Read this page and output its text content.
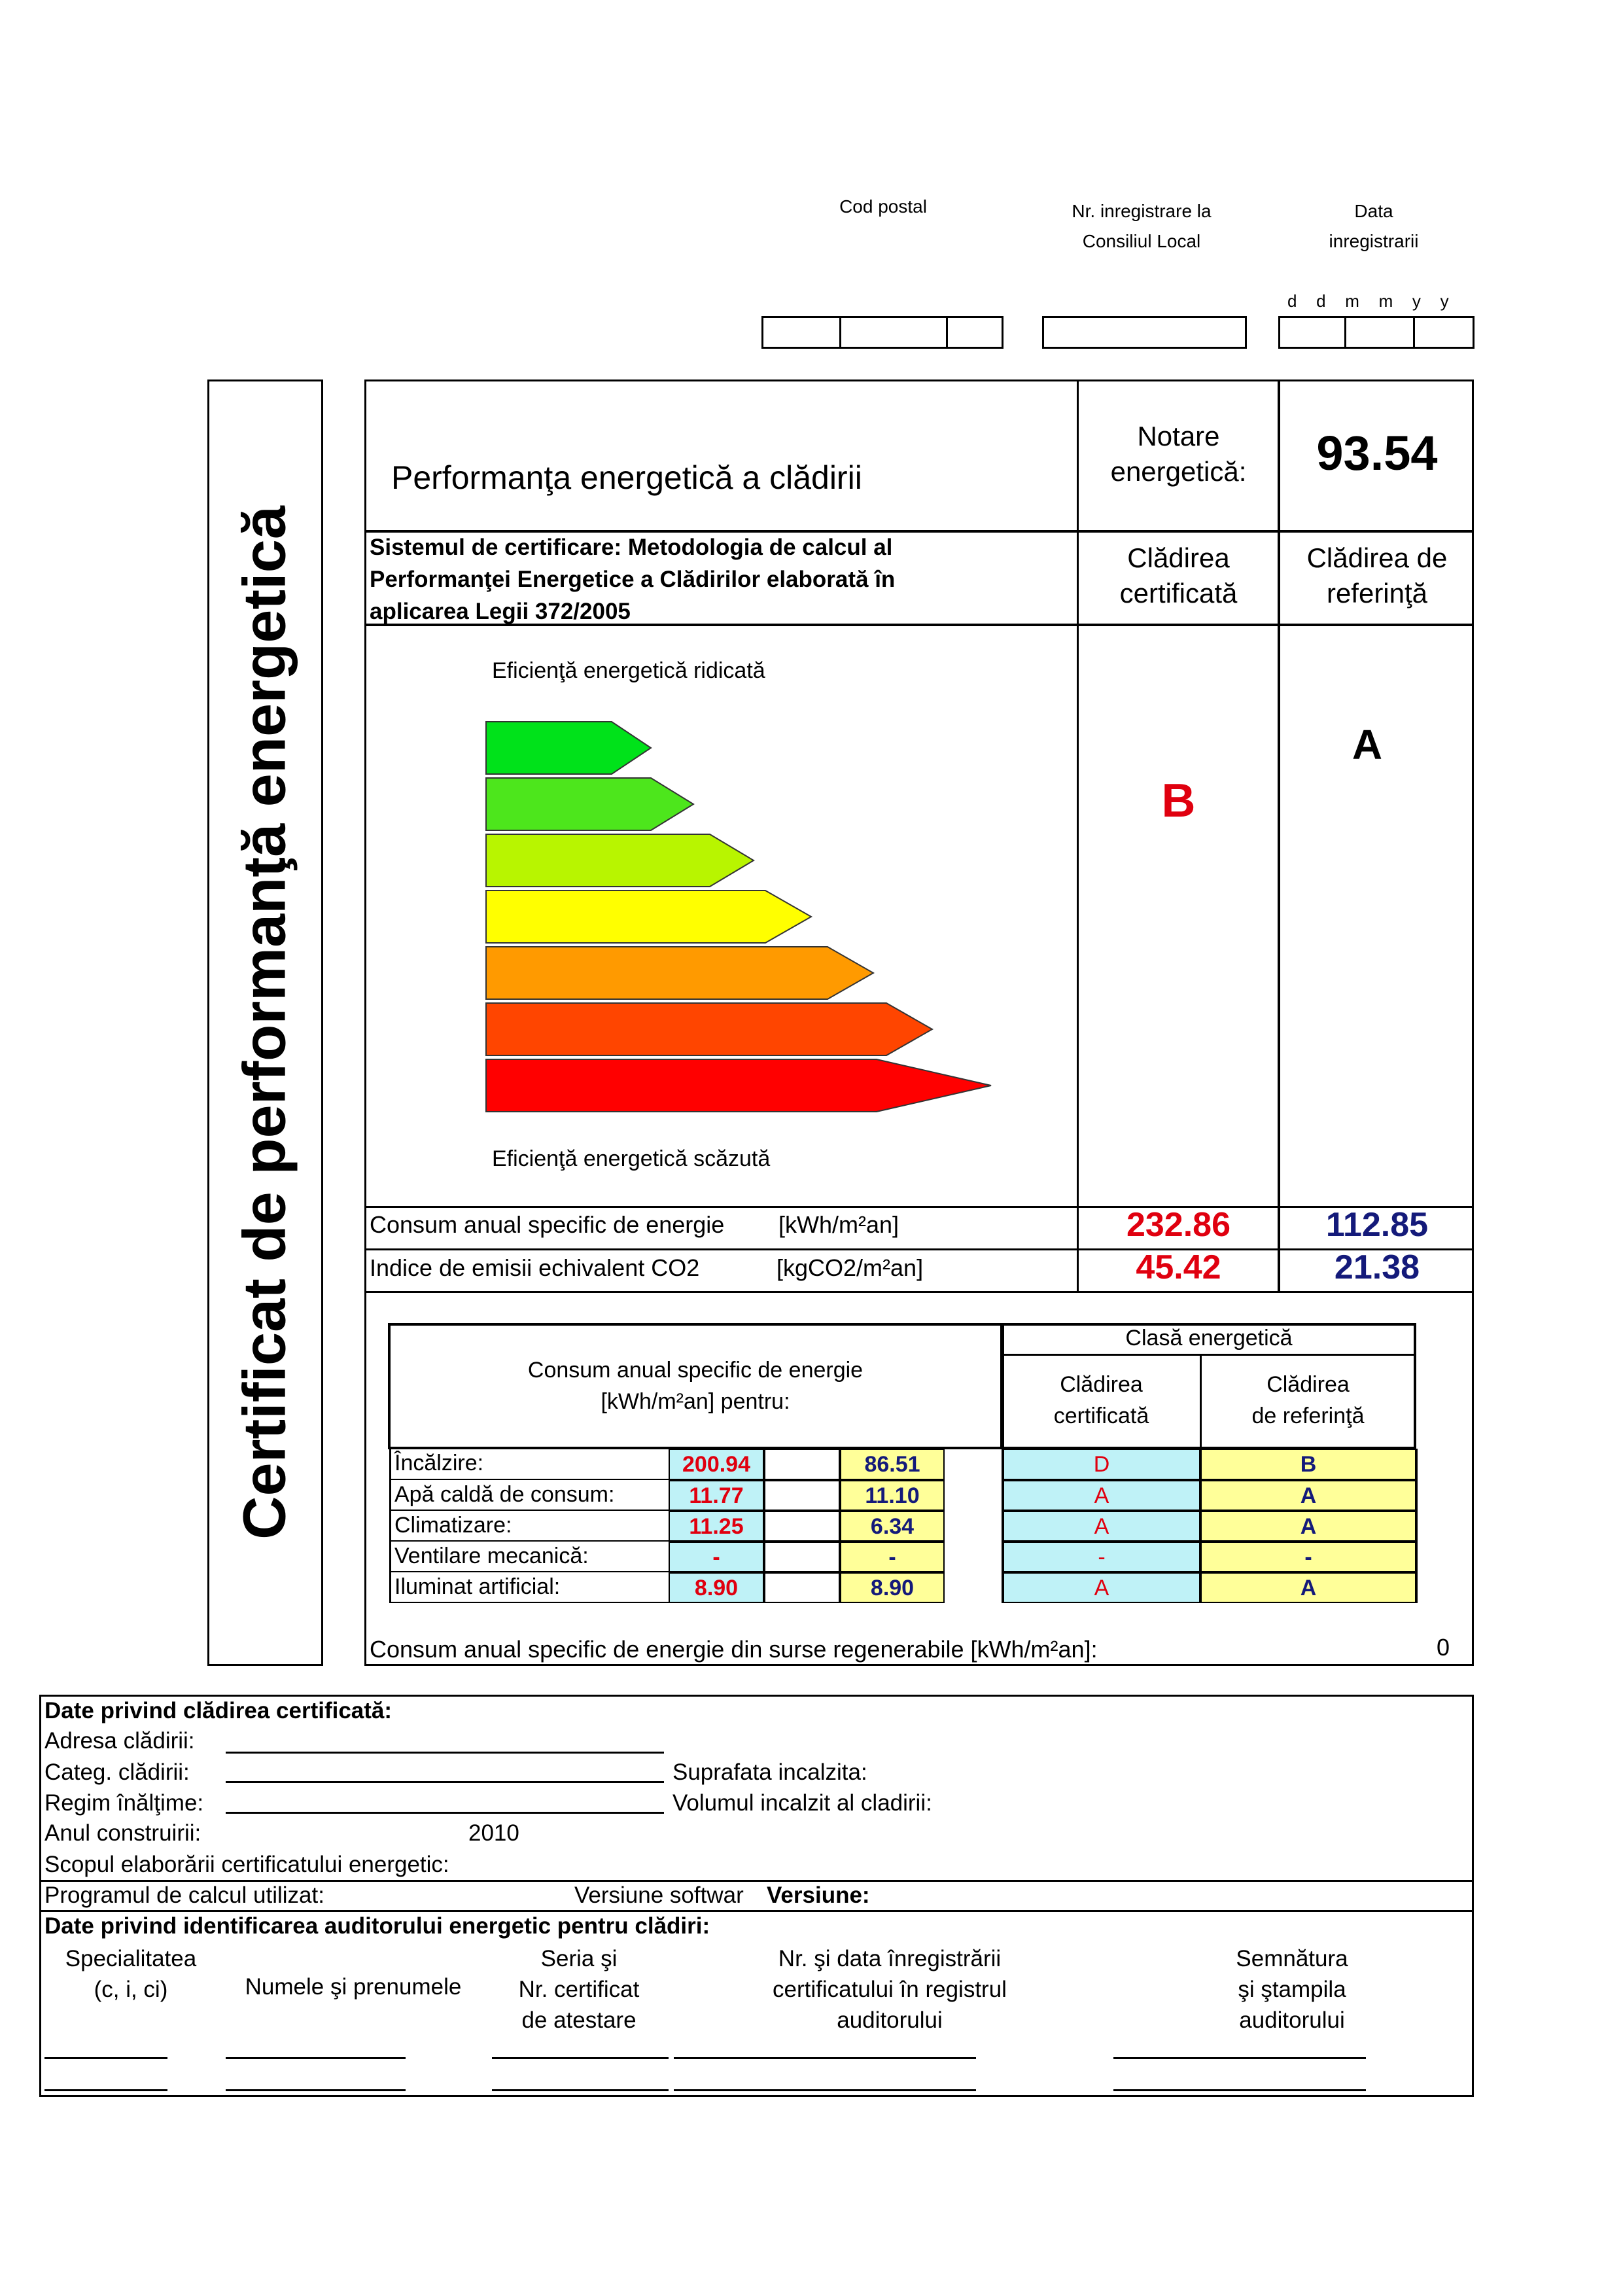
Cod postal	Nr. inregistrare la
Consiliul Local
Data
inregistrarii
d   d   m   m   y   y
Certificat de performanţă energetică
Performanţa energetică a clădirii
Notare
energetică:	93.54
Sistemul de certificare: Metodologia de calcul al
Performanţei Energetice a Clădirilor elaborată în
aplicarea Legii 372/2005
Clădirea
certificată
Clădirea de
referinţă
Eficienţă energetică ridicată
Eficienţă energetică scăzută
B
A
Consum anual specific de energie [kWh/m²an]	232.86	112.85
Indice de emisii echivalent CO2	[kgCO2/m²an]	45.42	21.38
Consum anual specific de energie
[kWh/m²an] pentru:
Clasă energetică
Clădirea
certificată
Clădirea
de referinţă
Încălzire:	200.94	86.51	D	B
Apă caldă de consum:	11.77	11.10	A	A
Climatizare:	11.25	6.34	A	A
Ventilare mecanică:	-	-	-	-
Iluminat artificial:	8.90	8.90	A	A
Consum anual specific de energie din surse regenerabile [kWh/m²an]:	0
Date privind clădirea certificată:
Adresa clădirii:
Categ. clădirii:
Regim înălţime:
Anul construirii:	2010
Suprafata incalzita:
Volumul incalzit al cladirii:
Scopul elaborării certificatului energetic:
Programul de calcul utilizat:	Versiune softwar	Versiune:
Date privind identificarea auditorului energetic pentru clădiri:
Specialitatea
(c, i, ci)	Numele şi prenumele
Seria şi
Nr. certificat
de atestare
Nr. şi data înregistrării
certificatului în registrul
auditorului
Semnătura
şi ştampila
auditorului
